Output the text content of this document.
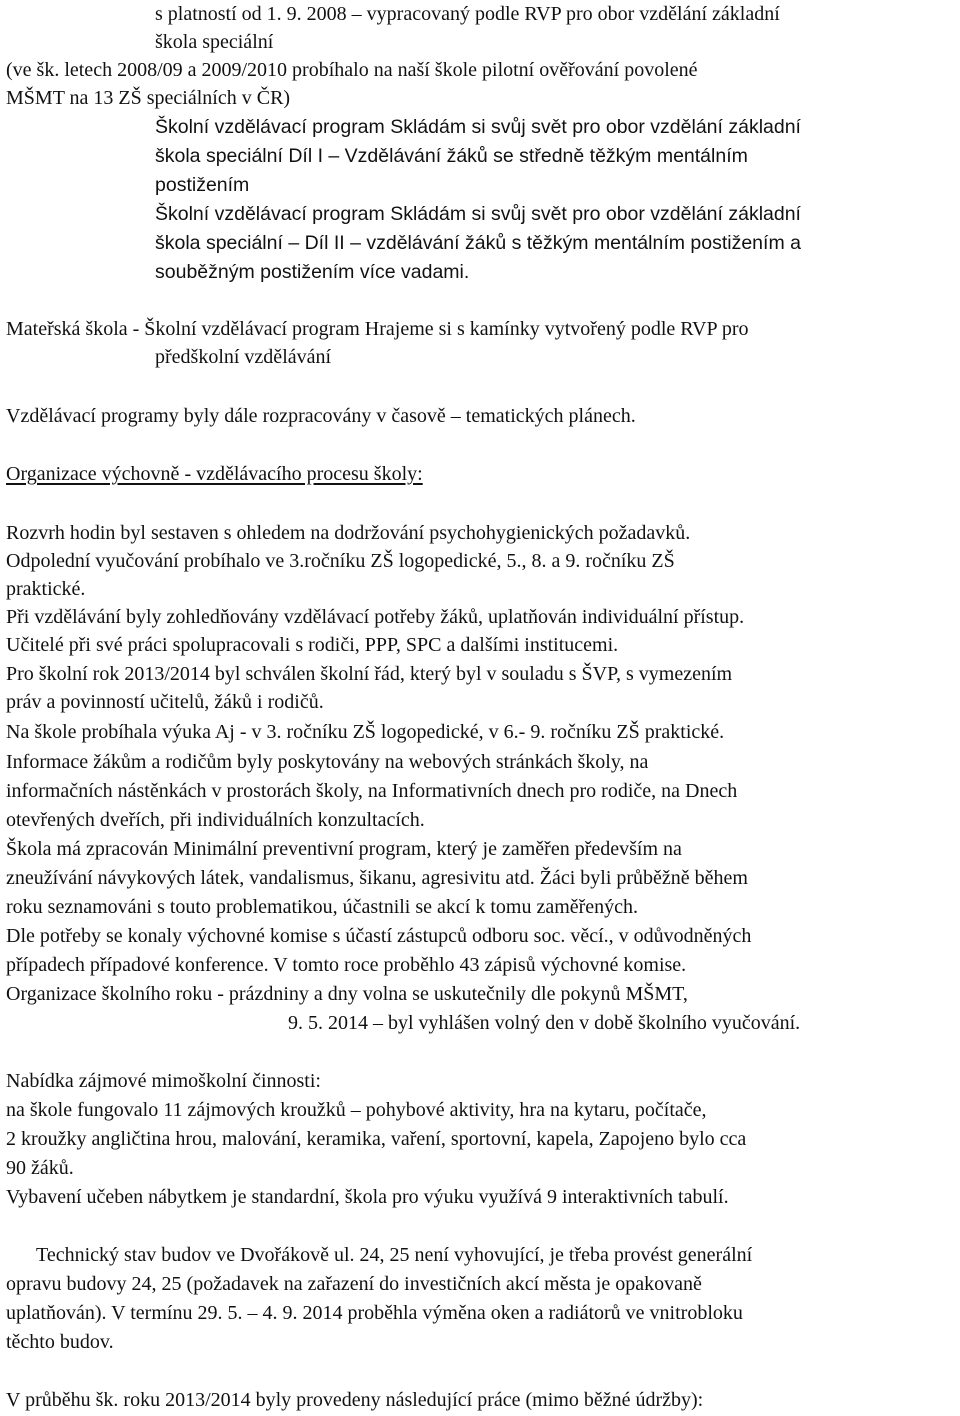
s platností od 1. 9. 2008 – vypracovaný podle RVP pro obor vzdělání základní
škola speciální
(ve šk. letech 2008/09 a 2009/2010 probíhalo na naší škole pilotní ověřování povolené
MŠMT na 13 ZŠ speciálních v ČR)
Školní vzdělávací program Skládám si svůj svět pro obor vzdělání základní
škola speciální Díl I – Vzdělávání žáků se středně těžkým mentálním
postižením
Školní vzdělávací program Skládám si svůj svět pro obor vzdělání základní
škola speciální – Díl II – vzdělávání žáků s těžkým mentálním postižením a
souběžným postižením více vadami.
Mateřská škola - Školní vzdělávací program Hrajeme si s kamínky vytvořený podle RVP pro
předškolní vzdělávání
Vzdělávací programy byly dále rozpracovány v časově – tematických plánech.
Organizace výchovně - vzdělávacího procesu školy:
Rozvrh hodin byl sestaven s ohledem na dodržování psychohygienických požadavků.
Odpolední vyučování probíhalo ve 3.ročníku ZŠ logopedické, 5., 8. a 9. ročníku ZŠ
praktické.
Při vzdělávání byly zohledňovány vzdělávací potřeby žáků, uplatňován individuální přístup.
Učitelé při své práci spolupracovali s rodiči, PPP, SPC a dalšími institucemi.
Pro školní rok 2013/2014 byl schválen školní řád, který byl v souladu s ŠVP, s vymezením
práv a povinností učitelů, žáků i rodičů.
Na škole probíhala výuka Aj - v 3. ročníku ZŠ logopedické, v 6.- 9. ročníku ZŠ praktické.
Informace žákům a rodičům byly poskytovány na webových stránkách školy, na
informačních nástěnkách v prostorách školy, na Informativních dnech pro rodiče, na Dnech
otevřených dveřích, při individuálních konzultacích.
Škola má zpracován Minimální preventivní program, který je zaměřen především na
zneužívání návykových látek, vandalismus, šikanu, agresivitu atd. Žáci byli průběžně během
roku seznamováni s touto problematikou, účastnili se akcí k tomu zaměřených.
Dle potřeby se konaly výchovné komise s účastí zástupců odboru soc. věcí., v odůvodněných
případech případové konference. V tomto roce proběhlo 43 zápisů výchovné komise.
Organizace školního roku - prázdniny a dny volna se uskutečnily dle pokynů MŠMT,
9. 5. 2014 – byl vyhlášen volný den v době školního vyučování.
Nabídka zájmové mimoškolní činnosti:
na škole fungovalo 11 zájmových kroužků – pohybové aktivity, hra na kytaru, počítače,
2 kroužky angličtina hrou, malování, keramika, vaření, sportovní, kapela, Zapojeno bylo cca
90 žáků.
Vybavení učeben nábytkem je standardní, škola pro výuku využívá 9 interaktivních tabulí.
Technický stav budov ve Dvořákově ul. 24, 25 není vyhovující, je třeba provést generální
opravu budovy 24, 25 (požadavek na zařazení do investičních akcí města je opakovaně
uplatňován). V termínu 29. 5. – 4. 9. 2014 proběhla výměna oken a radiátorů ve vnitrobloku
těchto budov.
V průběhu šk. roku 2013/2014 byly provedeny následující práce (mimo běžné údržby):
